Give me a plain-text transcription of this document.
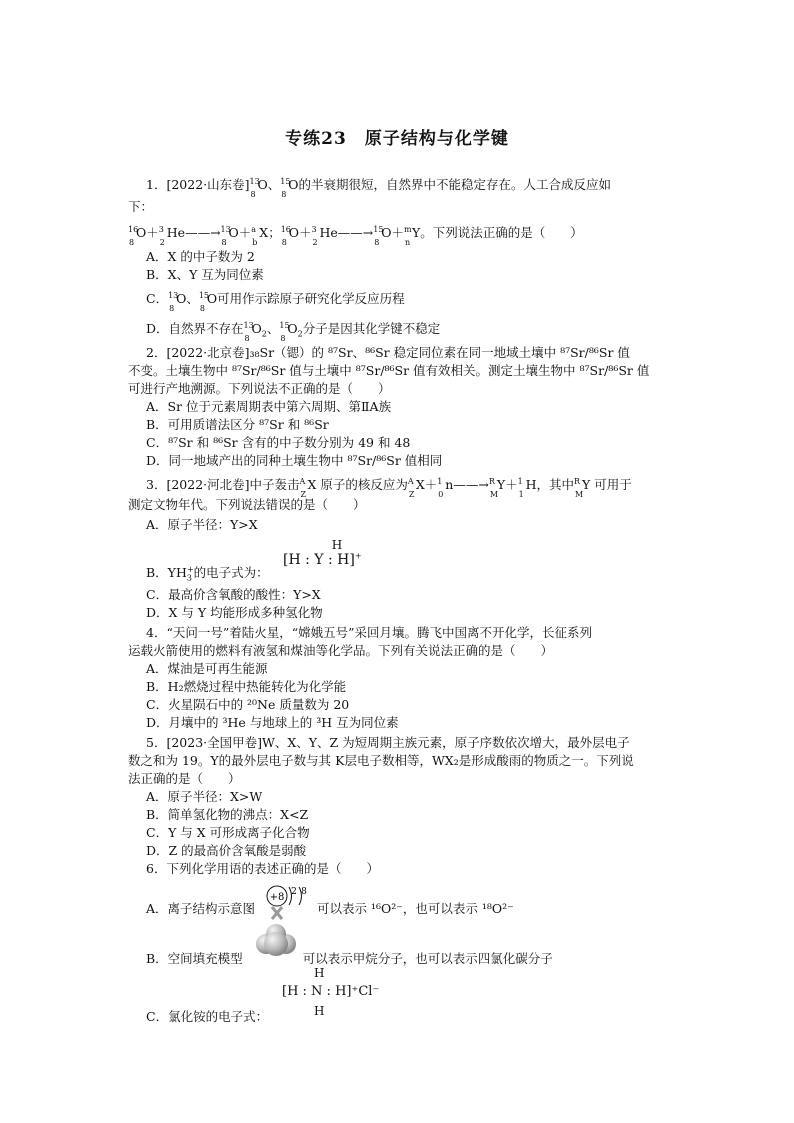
专练23　原子结构与化学键
1．[2022·山东卷] 13
8
O、 15
8
O的半衰期很短，自然界中不能稳定存在。人工合成反应如
下：
16
8
O＋ 3
2
He——→ 13
8
O＋ a
b
X； 16
8
O＋ 3
2
He——→ 15
8
O＋ m
n
Y。下列说法正确的是（　　）
A．X 的中子数为 2
B．X、Y 互为同位素
C． 13
8
O、 15
8
O可用作示踪原子研究化学反应历程
D．自然界不存在 13
8
$O_2$、 15
8
$O_2$分子是因其化学键不稳定
2．[2022·北京卷]₃₈Sr（锶）的 ⁸⁷Sr、⁸⁶Sr 稳定同位素在同一地域土壤中 ⁸⁷Sr/⁸⁶Sr 值
不变。土壤生物中 ⁸⁷Sr/⁸⁶Sr 值与土壤中 ⁸⁷Sr/⁸⁶Sr 值有效相关。测定土壤生物中 ⁸⁷Sr/⁸⁶Sr 值
可进行产地溯源。下列说法不正确的是（　　）
A．Sr 位于元素周期表中第六周期、第ⅡA族
B．可用质谱法区分 ⁸⁷Sr 和 ⁸⁶Sr
C．⁸⁷Sr 和 ⁸⁶Sr 含有的中子数分别为 49 和 48
D．同一地域产出的同种土壤生物中 ⁸⁷Sr/⁸⁶Sr 值相同
3．[2022·河北卷]中子轰击 A
Z
X 原子的核反应为 A
Z
X＋ 1
0
n——→ R
M
Y＋ 1
1
H，其中 R
M
Y 可用于
测定文物年代。下列说法错误的是（　　）
A．原子半径：Y>X
B．$YH_3^+$的电子式为：
H
[H : Y : H]+
C．最高价含氧酸的酸性：Y>X
D．X 与 Y 均能形成多种氢化物
4．“天问一号”着陆火星，“嫦娥五号”采回月壤。腾飞中国离不开化学，长征系列
运载火箭使用的燃料有液氢和煤油等化学品。下列有关说法正确的是（　　）
A．煤油是可再生能源
B．H₂燃烧过程中热能转化为化学能
C．火星陨石中的 ²⁰Ne 质量数为 20
D．月壤中的 ³He 与地球上的 ³H 互为同位素
5．[2023·全国甲卷]W、X、Y、Z 为短周期主族元素，原子序数依次增大，最外层电子
数之和为 19。Y的最外层电子数与其 K层电子数相等，WX₂是形成酸雨的物质之一。下列说
法正确的是（　　）
A．原子半径：X>W
B．简单氢化物的沸点：X<Z
C．Y 与 X 可形成离子化合物
D．Z 的最高价含氧酸是弱酸
6．下列化学用语的表述正确的是（　　）
+8 2 8
A．离子结构示意图	可以表示 ¹⁶O²⁻，也可以表示 ¹⁸O²⁻
B．空间填充模型	可以表示甲烷分子，也可以表示四氯化碳分子
H
[H : N : H]⁺Cl⁻
H
C．氯化铵的电子式：
